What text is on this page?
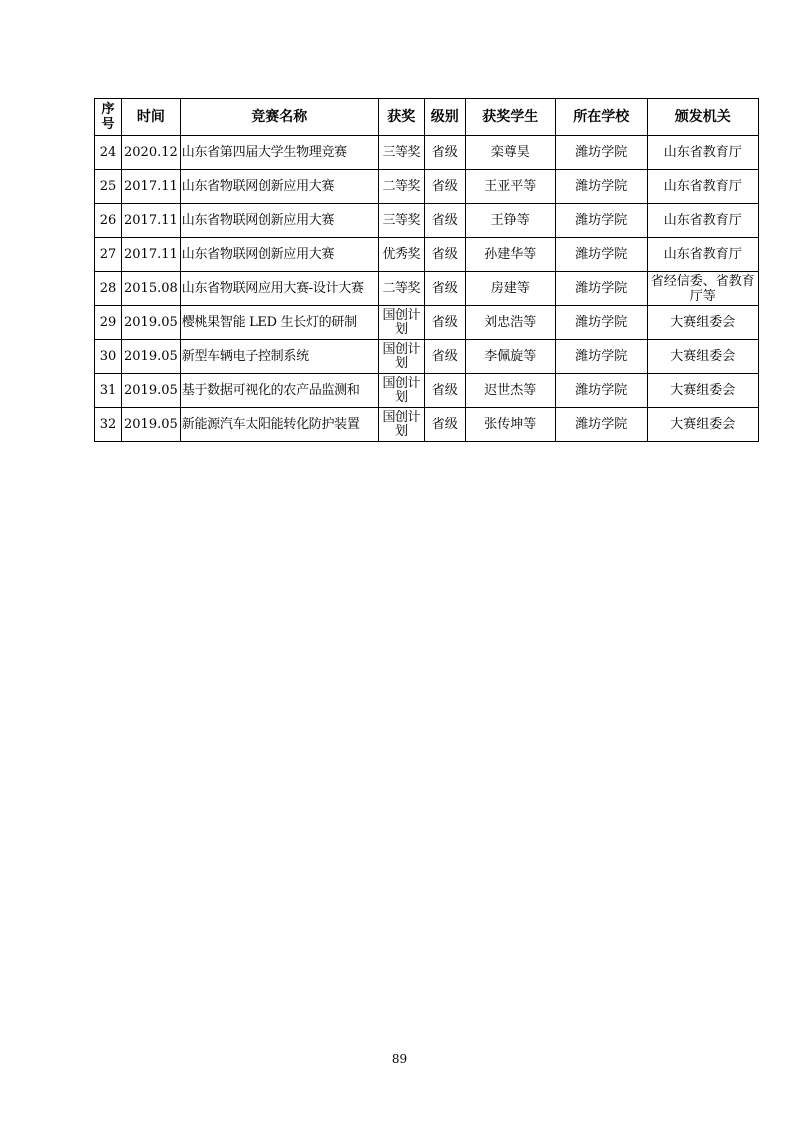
序号	时间	竞赛名称	获奖	级别	获奖学生	所在学校	颁发机关
24	2020.12	山东省第四届大学生物理竞赛	三等奖	省级	栾尊昊	潍坊学院	山东省教育厅
25	2017.11	山东省物联网创新应用大赛	二等奖	省级	王亚平等	潍坊学院	山东省教育厅
26	2017.11	山东省物联网创新应用大赛	三等奖	省级	王铮等	潍坊学院	山东省教育厅
27	2017.11	山东省物联网创新应用大赛	优秀奖	省级	孙建华等	潍坊学院	山东省教育厅
28	2015.08	山东省物联网应用大赛-设计大赛	二等奖	省级	房建等	潍坊学院	省经信委、省教育厅等
29	2019.05	樱桃果智能 LED 生长灯的研制	国创计划	省级	刘忠浩等	潍坊学院	大赛组委会
30	2019.05	新型车辆电子控制系统	国创计划	省级	李佩旋等	潍坊学院	大赛组委会
31	2019.05	基于数据可视化的农产品监测和	国创计划	省级	迟世杰等	潍坊学院	大赛组委会
32	2019.05	新能源汽车太阳能转化防护装置	国创计划	省级	张传坤等	潍坊学院	大赛组委会
89
